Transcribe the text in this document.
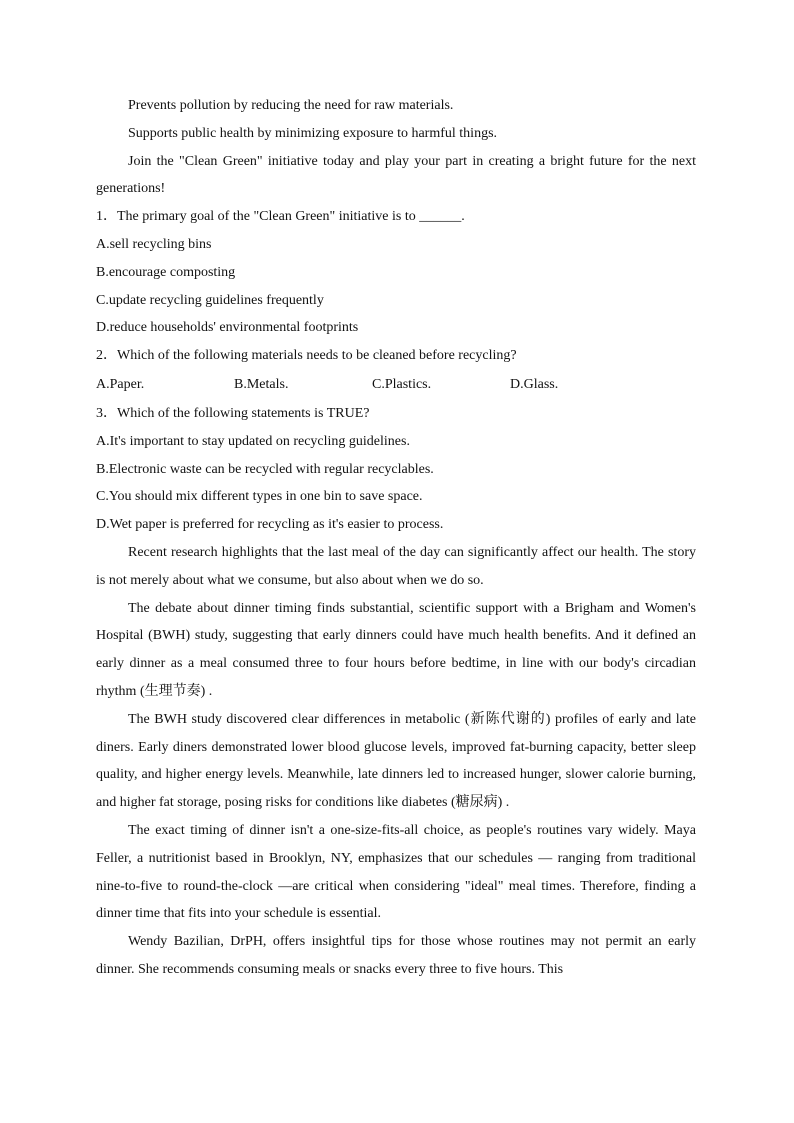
Prevents pollution by reducing the need for raw materials.

Supports public health by minimizing exposure to harmful things.

Join the "Clean Green" initiative today and play your part in creating a bright future for the next generations!

1．The primary goal of the "Clean Green" initiative is to ______.

A.sell recycling bins

B.encourage composting

C.update recycling guidelines frequently

D.reduce households' environmental footprints

2．Which of the following materials needs to be cleaned before recycling?

A.Paper.	B.Metals.	C.Plastics.	D.Glass.

3．Which of the following statements is TRUE?

A.It's important to stay updated on recycling guidelines.

B.Electronic waste can be recycled with regular recyclables.

C.You should mix different types in one bin to save space.

D.Wet paper is preferred for recycling as it's easier to process.

Recent research highlights that the last meal of the day can significantly affect our health. The story is not merely about what we consume, but also about when we do so.

The debate about dinner timing finds substantial, scientific support with a Brigham and Women's Hospital (BWH) study, suggesting that early dinners could have much health benefits. And it defined an early dinner as a meal consumed three to four hours before bedtime, in line with our body's circadian rhythm (生理节奏) .

The BWH study discovered clear differences in metabolic (新陈代谢的) profiles of early and late diners. Early diners demonstrated lower blood glucose levels, improved fat-burning capacity, better sleep quality, and higher energy levels. Meanwhile, late dinners led to increased hunger, slower calorie burning, and higher fat storage, posing risks for conditions like diabetes (糖尿病) .

The exact timing of dinner isn't a one-size-fits-all choice, as people's routines vary widely. Maya Feller, a nutritionist based in Brooklyn, NY, emphasizes that our schedules — ranging from traditional nine-to-five to round-the-clock —are critical when considering "ideal" meal times. Therefore, finding a dinner time that fits into your schedule is essential.

Wendy Bazilian, DrPH, offers insightful tips for those whose routines may not permit an early dinner. She recommends consuming meals or snacks every three to five hours. This
